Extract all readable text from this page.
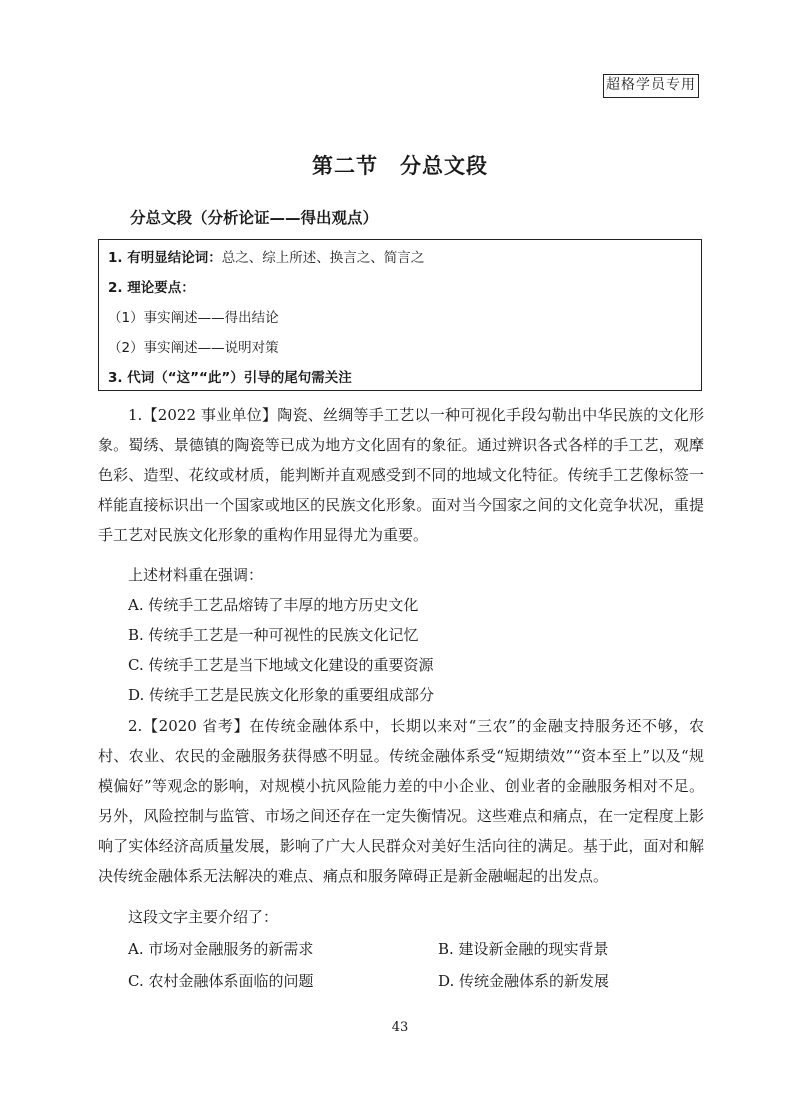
超格学员专用
第二节　分总文段
分总文段（分析论证——得出观点）
1. 有明显结论词：总之、综上所述、换言之、简言之
2. 理论要点：
（1）事实阐述——得出结论
（2）事实阐述——说明对策
3. 代词（“这”“此”）引导的尾句需关注

1.【2022 事业单位】陶瓷、丝绸等手工艺以一种可视化手段勾勒出中华民族的文化形象。蜀绣、景德镇的陶瓷等已成为地方文化固有的象征。通过辨识各式各样的手工艺，观摩色彩、造型、花纹或材质，能判断并直观感受到不同的地域文化特征。传统手工艺像标签一样能直接标识出一个国家或地区的民族文化形象。面对当今国家之间的文化竞争状况，重提手工艺对民族文化形象的重构作用显得尤为重要。

上述材料重在强调：
A. 传统手工艺品熔铸了丰厚的地方历史文化
B. 传统手工艺是一种可视性的民族文化记忆
C. 传统手工艺是当下地域文化建设的重要资源
D. 传统手工艺是民族文化形象的重要组成部分

2.【2020 省考】在传统金融体系中，长期以来对“三农”的金融支持服务还不够，农村、农业、农民的金融服务获得感不明显。传统金融体系受“短期绩效”“资本至上”以及“规模偏好”等观念的影响，对规模小抗风险能力差的中小企业、创业者的金融服务相对不足。另外，风险控制与监管、市场之间还存在一定失衡情况。这些难点和痛点，在一定程度上影响了实体经济高质量发展，影响了广大人民群众对美好生活向往的满足。基于此，面对和解决传统金融体系无法解决的难点、痛点和服务障碍正是新金融崛起的出发点。

这段文字主要介绍了：
A. 市场对金融服务的新需求	B. 建设新金融的现实背景
C. 农村金融体系面临的问题	D. 传统金融体系的新发展
43
